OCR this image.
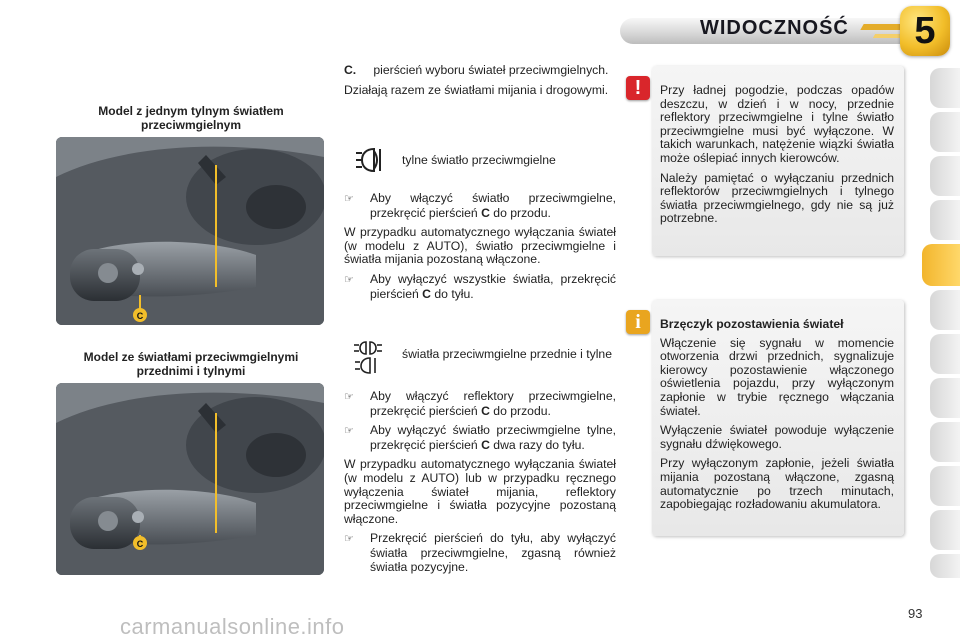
WIDOCZNOŚĆ	5
Model z jednym tylnym światłem przeciwmgielnym
C
Model ze światłami przeciwmgielnymi przednimi i tylnymi
C

C. pierścień wyboru świateł przeciwmgielnych.

Działają razem ze światłami mijania i drogowymi.

tylne światło przeciwmgielne

☞ Aby włączyć światło przeciwmgielne, przekręcić pierścień C do przodu.

W przypadku automatycznego wyłączania świateł (w modelu z AUTO), światło przeciwmgielne i światła mijania pozostaną włączone.

☞ Aby wyłączyć wszystkie światła, przekręcić pierścień C do tyłu.

światła przeciwmgielne przednie i tylne

☞ Aby włączyć reflektory przeciwmgielne, przekręcić pierścień C do przodu.

☞ Aby wyłączyć światło przeciwmgielne tylne, przekręcić pierścień C dwa razy do tyłu.

W przypadku automatycznego wyłączania świateł (w modelu z AUTO) lub w przypadku ręcznego wyłączenia świateł mijania, reflektory przeciwmgielne i światła pozycyjne pozostaną włączone.

☞ Przekręcić pierścień do tyłu, aby wyłączyć światła przeciwmgielne, zgasną również światła pozycyjne.

Przy ładnej pogodzie, podczas opadów deszczu, w dzień i w nocy, przednie reflektory przeciwmgielne i tylne światło przeciwmgielne musi być wyłączone. W takich warunkach, natężenie wiązki światła może oślepiać innych kierowców.

Należy pamiętać o wyłączaniu przednich reflektorów przeciwmgielnych i tylnego światła przeciwmgielnego, gdy nie są już potrzebne.

!

Brzęczyk pozostawienia świateł

Włączenie się sygnału w momencie otworzenia drzwi przednich, sygnalizuje kierowcy pozostawienie włączonego oświetlenia pojazdu, przy wyłączonym zapłonie w trybie ręcznego włączania świateł.

Wyłączenie świateł powoduje wyłączenie sygnału dźwiękowego.

Przy wyłączonym zapłonie, jeżeli światła mijania pozostaną włączone, zgasną automatycznie po trzech minutach, zapobiegając rozładowaniu akumulatora.

i
carmanualsonline.info
93
